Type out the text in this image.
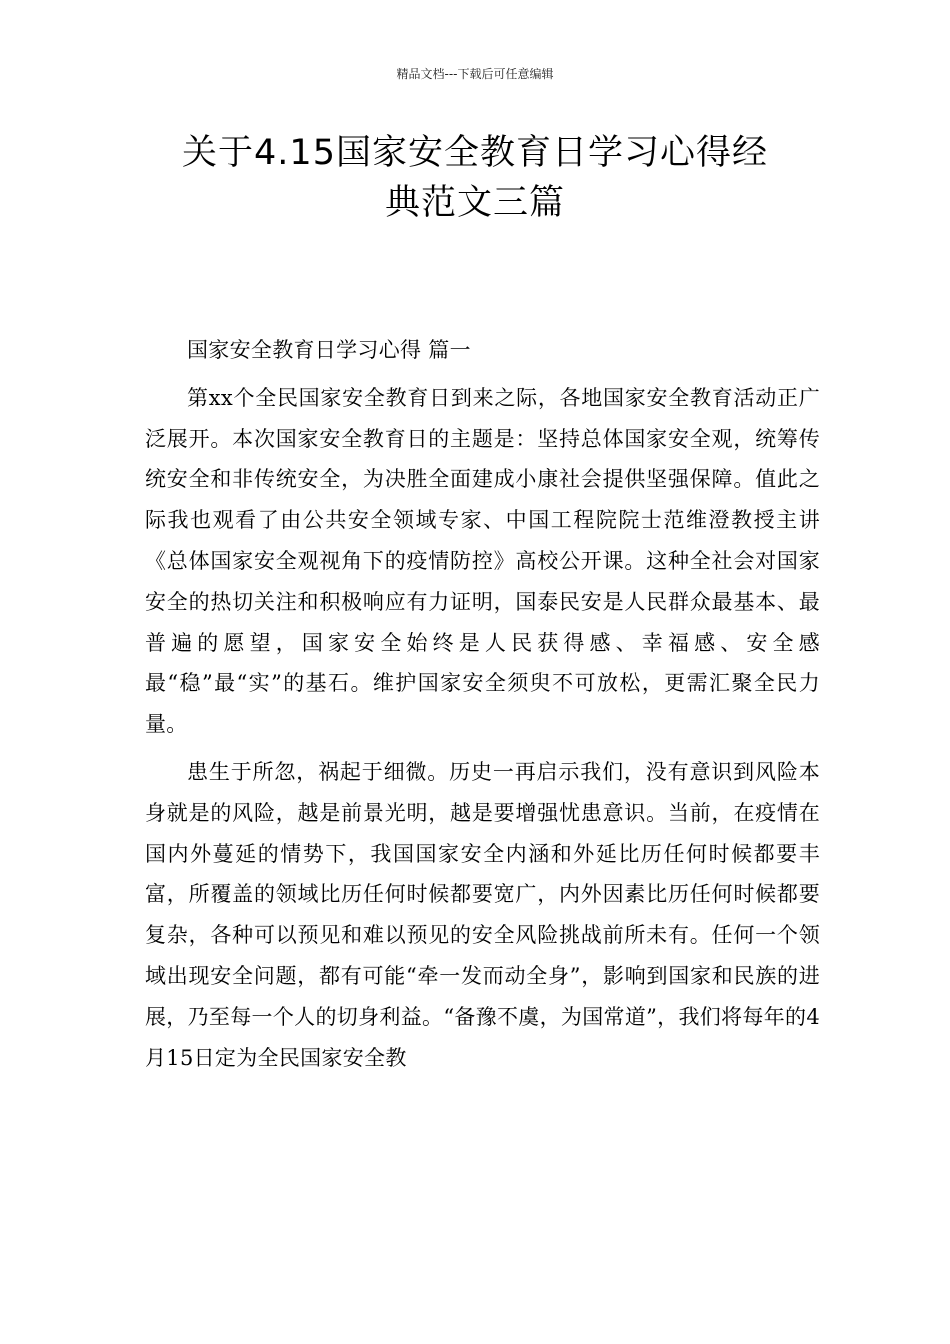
精品文档---下载后可任意编辑
关于4.15国家安全教育日学习心得经
典范文三篇

国家安全教育日学习心得 篇一

第xx个全民国家安全教育日到来之际，各地国家安全教育活动正广泛展开。本次国家安全教育日的主题是：坚持总体国家安全观，统筹传统安全和非传统安全，为决胜全面建成小康社会提供坚强保障。值此之际我也观看了由公共安全领域专家、中国工程院院士范维澄教授主讲《总体国家安全观视角下的疫情防控》高校公开课。这种全社会对国家安全的热切关注和积极响应有力证明，国泰民安是人民群众最基本、最普遍的愿望，国家安全始终是人民获得感、幸福感、安全感最“稳”最“实”的基石。维护国家安全须臾不可放松，更需汇聚全民力量。

患生于所忽，祸起于细微。历史一再启示我们，没有意识到风险本身就是的风险，越是前景光明，越是要增强忧患意识。当前，在疫情在国内外蔓延的情势下，我国国家安全内涵和外延比历任何时候都要丰富，所覆盖的领域比历任何时候都要宽广，内外因素比历任何时候都要复杂，各种可以预见和难以预见的安全风险挑战前所未有。任何一个领域出现安全问题，都有可能“牵一发而动全身”，影响到国家和民族的进展，乃至每一个人的切身利益。“备豫不虞，为国常道”，我们将每年的4月15日定为全民国家安全教
